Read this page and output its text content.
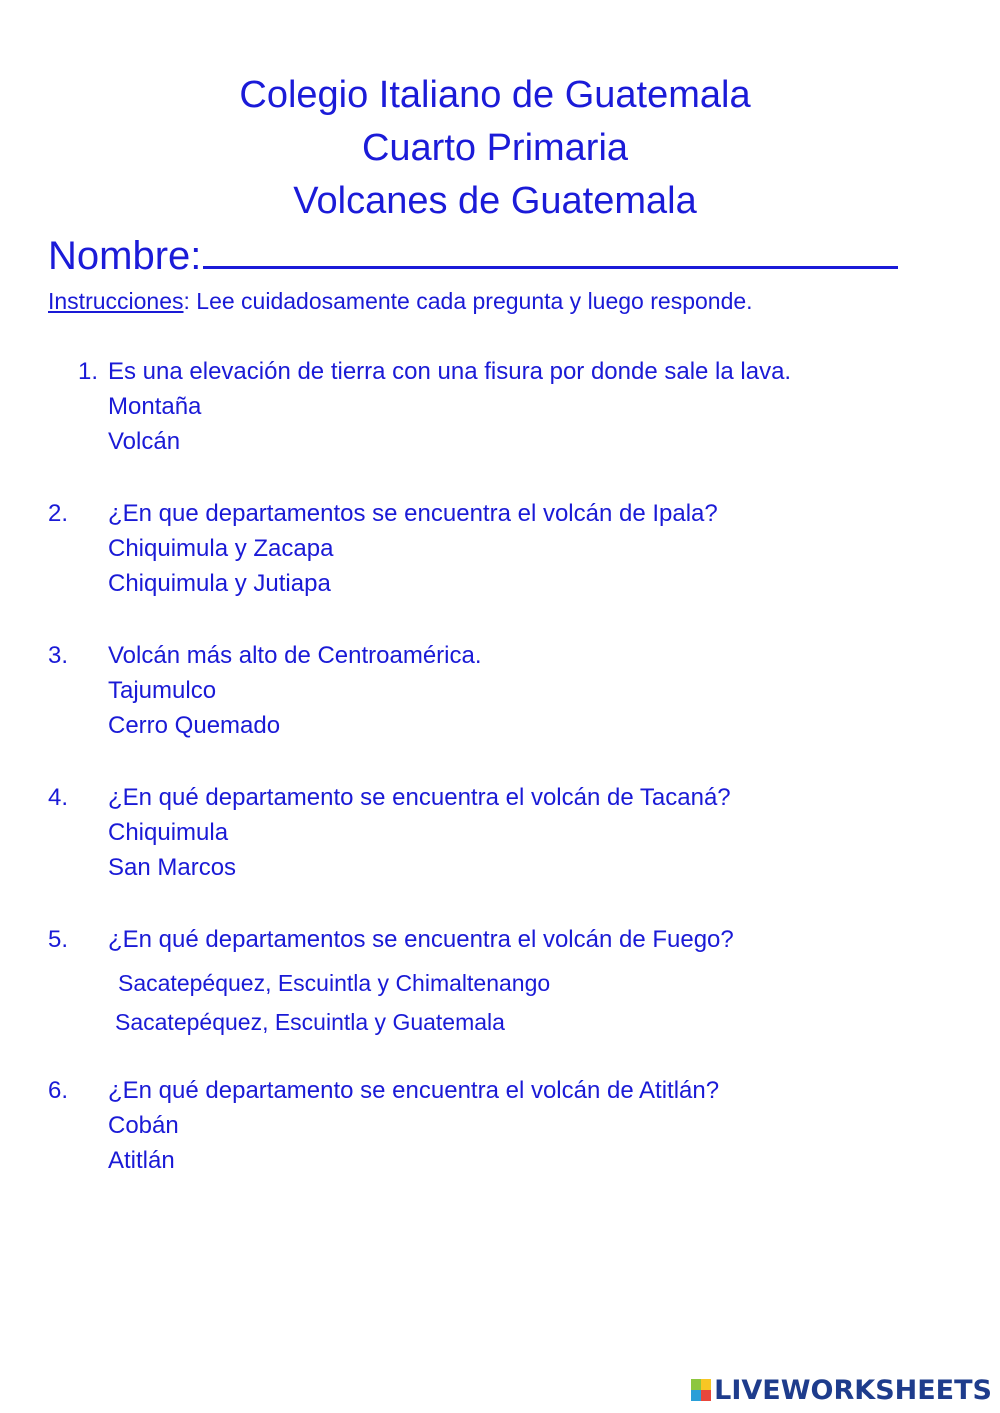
Colegio Italiano de Guatemala
Cuarto Primaria
Volcanes de Guatemala
Nombre:
Instrucciones: Lee cuidadosamente cada pregunta y luego responde.
1. Es una elevación de tierra con una fisura por donde sale la lava.
Montaña
Volcán
2. ¿En que departamentos se encuentra el volcán de Ipala?
Chiquimula y Zacapa
Chiquimula y Jutiapa
3. Volcán más alto de Centroamérica.
Tajumulco
Cerro Quemado
4. ¿En qué departamento se encuentra el volcán de Tacaná?
Chiquimula
San Marcos
5. ¿En qué departamentos se encuentra el volcán de Fuego?
Sacatepéquez, Escuintla y Chimaltenango
Sacatepéquez, Escuintla y Guatemala
6. ¿En qué departamento se encuentra el volcán de Atitlán?
Cobán
Atitlán
LIVEWORKSHEETS
